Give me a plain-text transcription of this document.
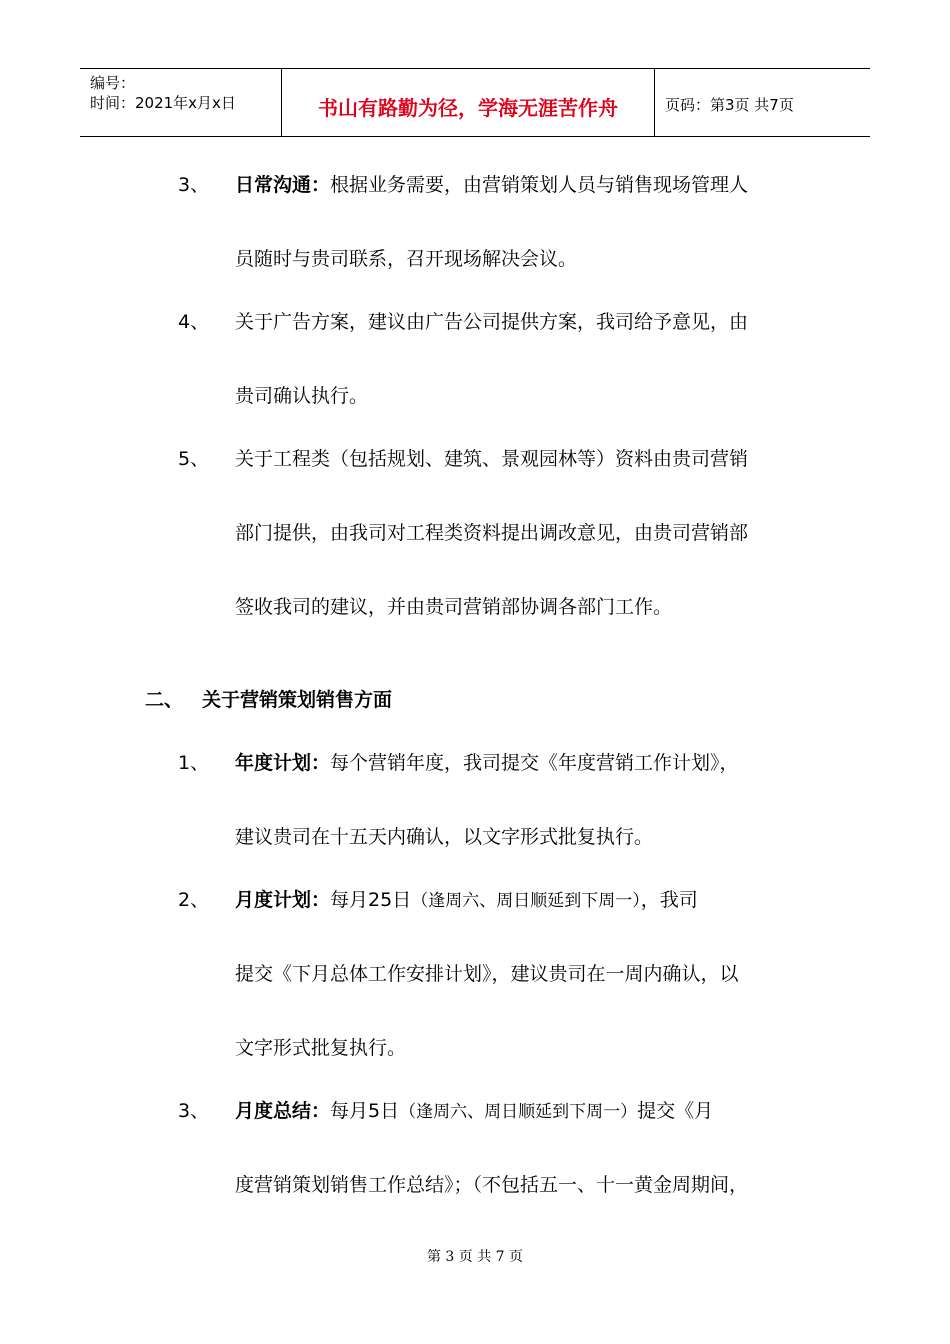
编号：
时间：2021年x月x日	书山有路勤为径，学海无涯苦作舟	页码：第3页 共7页
3、 日常沟通：根据业务需要，由营销策划人员与销售现场管理人
员随时与贵司联系，召开现场解决会议。
4、 关于广告方案，建议由广告公司提供方案，我司给予意见，由
贵司确认执行。
5、 关于工程类（包括规划、建筑、景观园林等）资料由贵司营销
部门提供，由我司对工程类资料提出调改意见，由贵司营销部
签收我司的建议，并由贵司营销部协调各部门工作。
二、 关于营销策划销售方面
1、 年度计划：每个营销年度，我司提交《年度营销工作计划》，
建议贵司在十五天内确认，以文字形式批复执行。
2、 月度计划：每月25日（逢周六、周日顺延到下周一），我司
提交《下月总体工作安排计划》，建议贵司在一周内确认，以
文字形式批复执行。
3、 月度总结：每月5日（逢周六、周日顺延到下周一）提交《月
度营销策划销售工作总结》；（不包括五一、十一黄金周期间，
第 3 页 共 7 页
